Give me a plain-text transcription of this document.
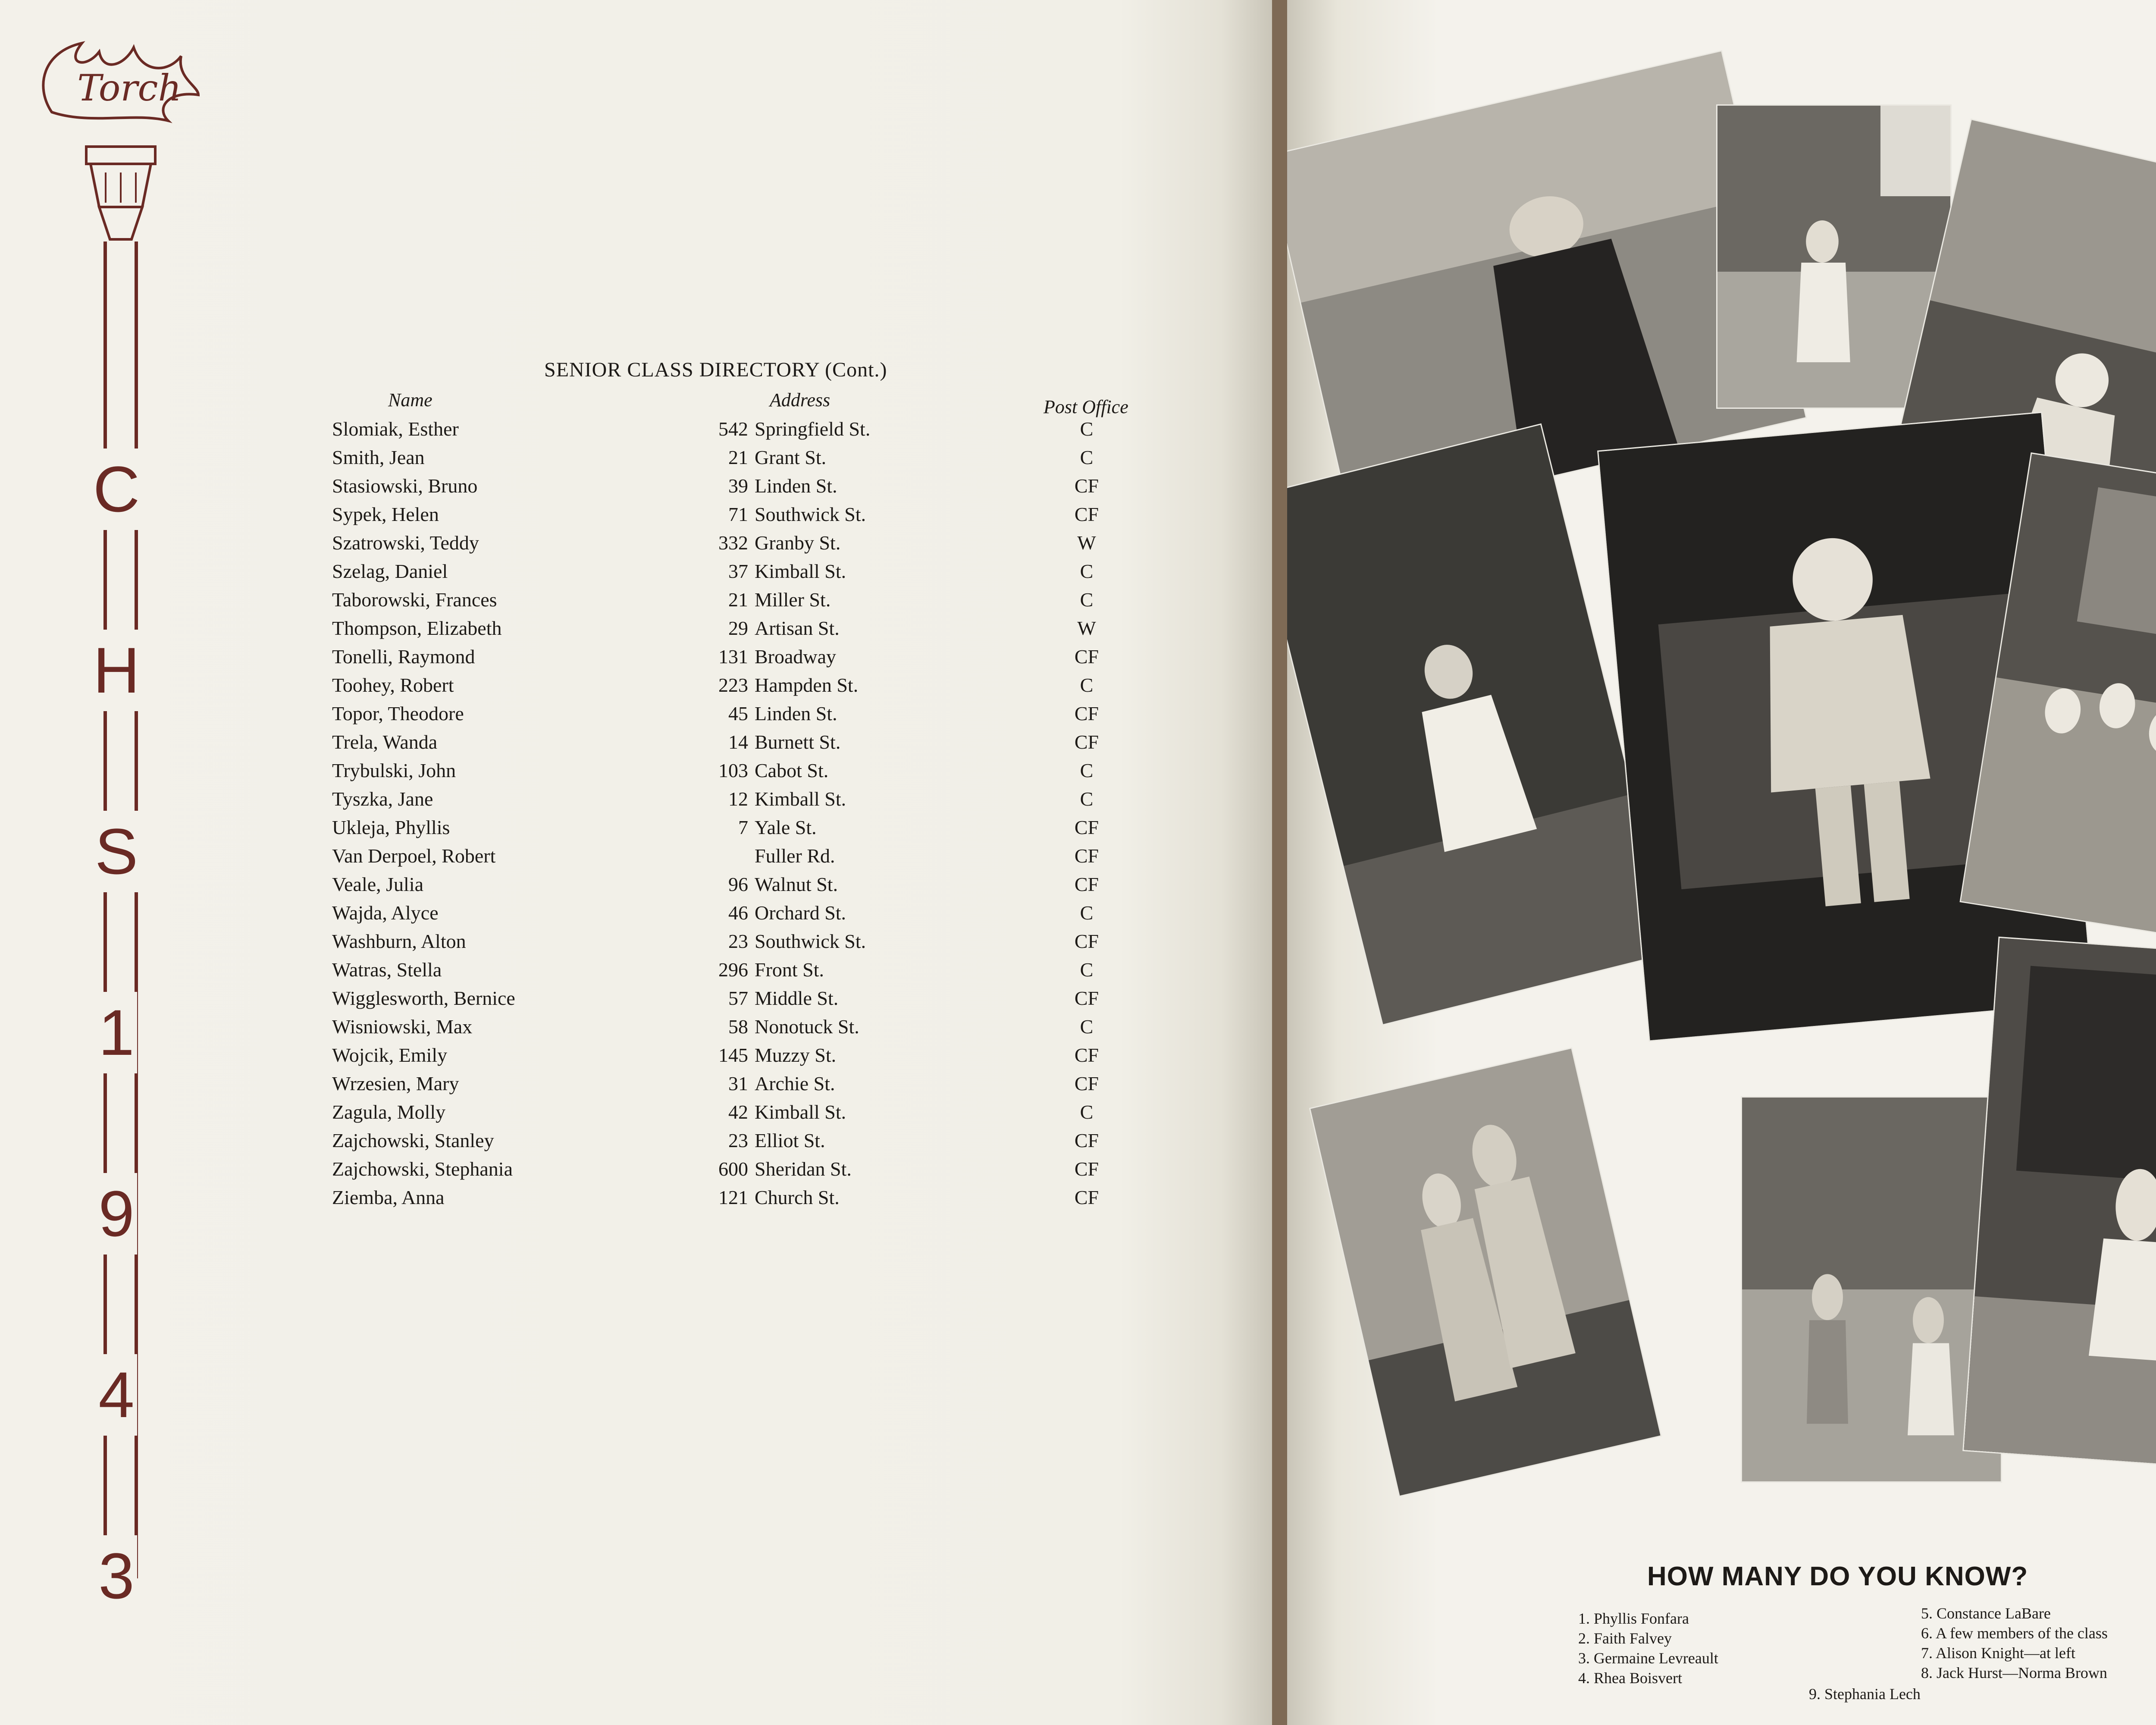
Torch
C
H
S
1
9
4
3
SENIOR CLASS DIRECTORY (Cont.)
Name	Address	Post Office
Slomiak, Esther	542 Springfield St.	C
Smith, Jean	21 Grant St.	C
Stasiowski, Bruno	39 Linden St.	CF
Sypek, Helen	71 Southwick St.	CF
Szatrowski, Teddy	332 Granby St.	W
Szelag, Daniel	37 Kimball St.	C
Taborowski, Frances	21 Miller St.	C
Thompson, Elizabeth	29 Artisan St.	W
Tonelli, Raymond	131 Broadway	CF
Toohey, Robert	223 Hampden St.	C
Topor, Theodore	45 Linden St.	CF
Trela, Wanda	14 Burnett St.	CF
Trybulski, John	103 Cabot St.	C
Tyszka, Jane	12 Kimball St.	C
Ukleja, Phyllis	7 Yale St.	CF
Van Derpoel, Robert	Fuller Rd.	CF
Veale, Julia	96 Walnut St.	CF
Wajda, Alyce	46 Orchard St.	C
Washburn, Alton	23 Southwick St.	CF
Watras, Stella	296 Front St.	C
Wigglesworth, Bernice	57 Middle St.	CF
Wisniowski, Max	58 Nonotuck St.	C
Wojcik, Emily	145 Muzzy St.	CF
Wrzesien, Mary	31 Archie St.	CF
Zagula, Molly	42 Kimball St.	C
Zajchowski, Stanley	23 Elliot St.	CF
Zajchowski, Stephania	600 Sheridan St.	CF
Ziemba, Anna	121 Church St.	CF
HOW MANY DO YOU KNOW?
1. Phyllis Fonfara
2. Faith Falvey
3. Germaine Levreault
4. Rhea Boisvert
5. Constance LaBare
6. A few members of the class
7. Alison Knight—at left
8. Jack Hurst—Norma Brown
9. Stephania Lech
